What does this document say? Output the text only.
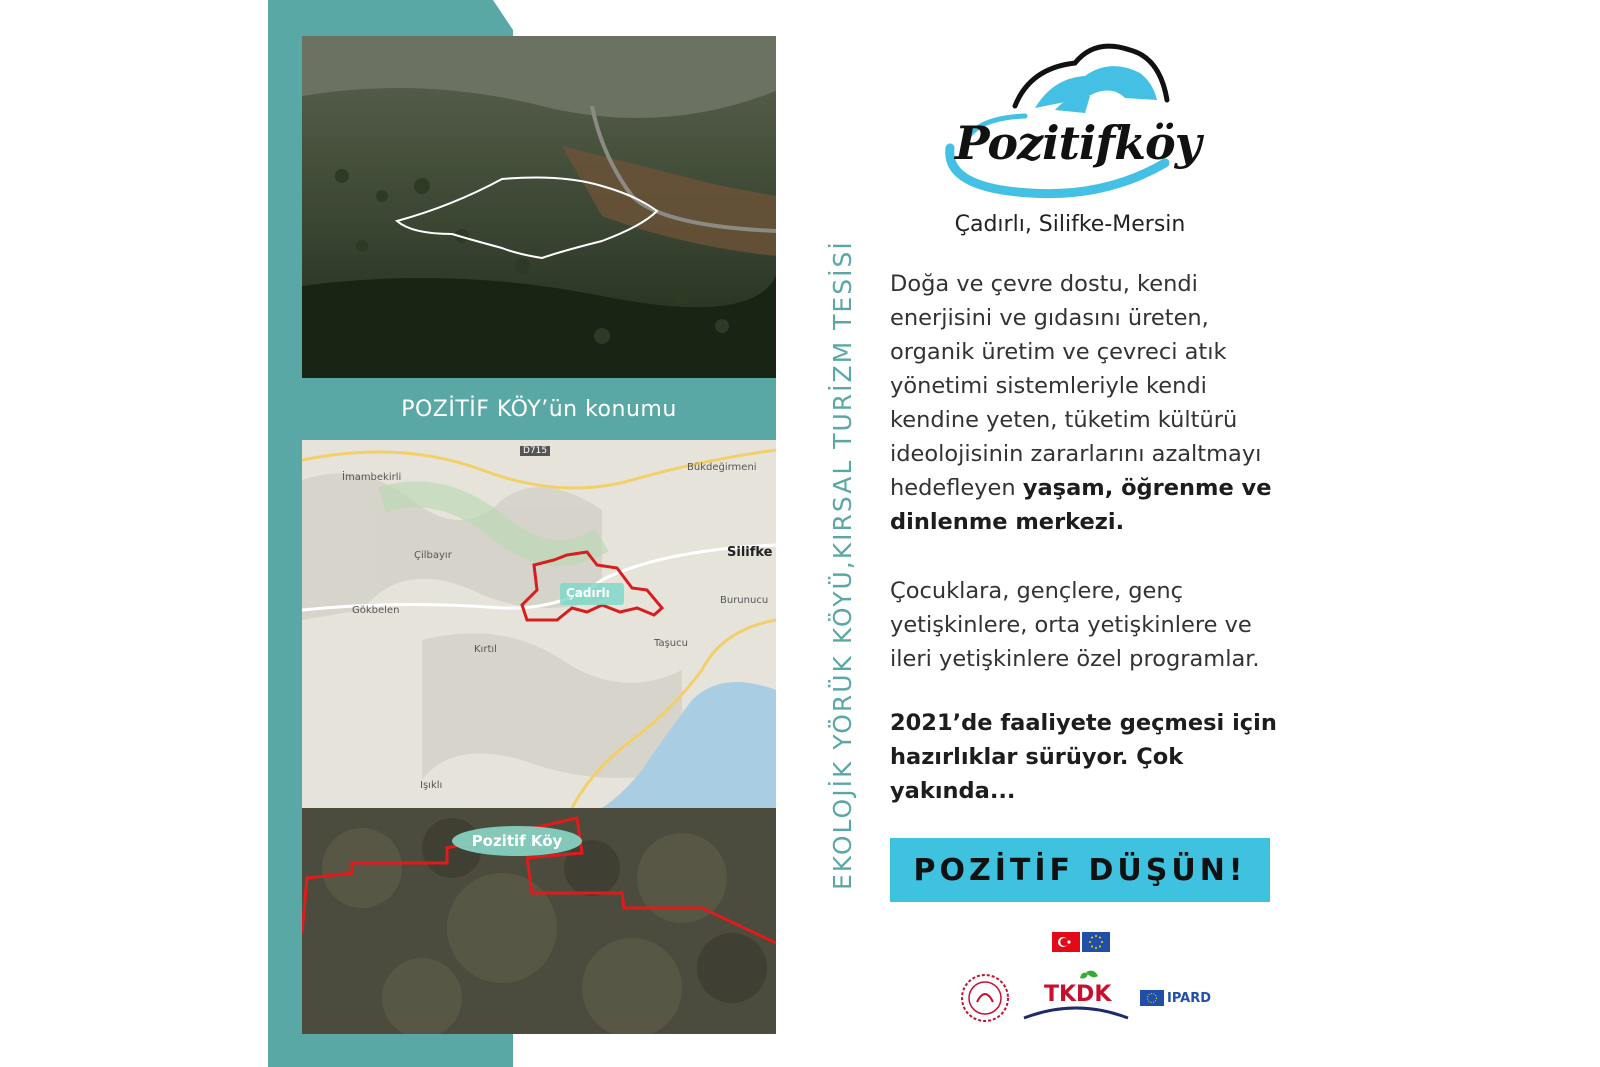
POZİTİF KÖY’ün konumu
D715
İmambekirli
Bükdeğirmeni
Çilbayır	Silifke
Çadırlı
Gökbelen
Burunucu
Kırtıl
Taşucu
Işıklı
Pozitif Köy	EKOLOJİK YÖRÜK KÖYÜ,KIRSAL TURİZM TESİSİ
Pozitifköy
Çadırlı, Silifke-Mersin
Doğa ve çevre dostu, kendi enerjisini ve gıdasını üreten, organik üretim ve çevreci atık yönetimi sistemleriyle kendi kendine yeten, tüketim kültürü ideolojisinin zararlarını azaltmayı hedefleyen yaşam, öğrenme ve dinlenme merkezi.
Çocuklara, gençlere, genç yetişkinlere, orta yetişkinlere ve ileri yetişkinlere özel programlar.
2021’de faaliyete geçmesi için hazırlıklar sürüyor. Çok yakında...
POZİTİF DÜŞÜN!
TKDK	IPARD
